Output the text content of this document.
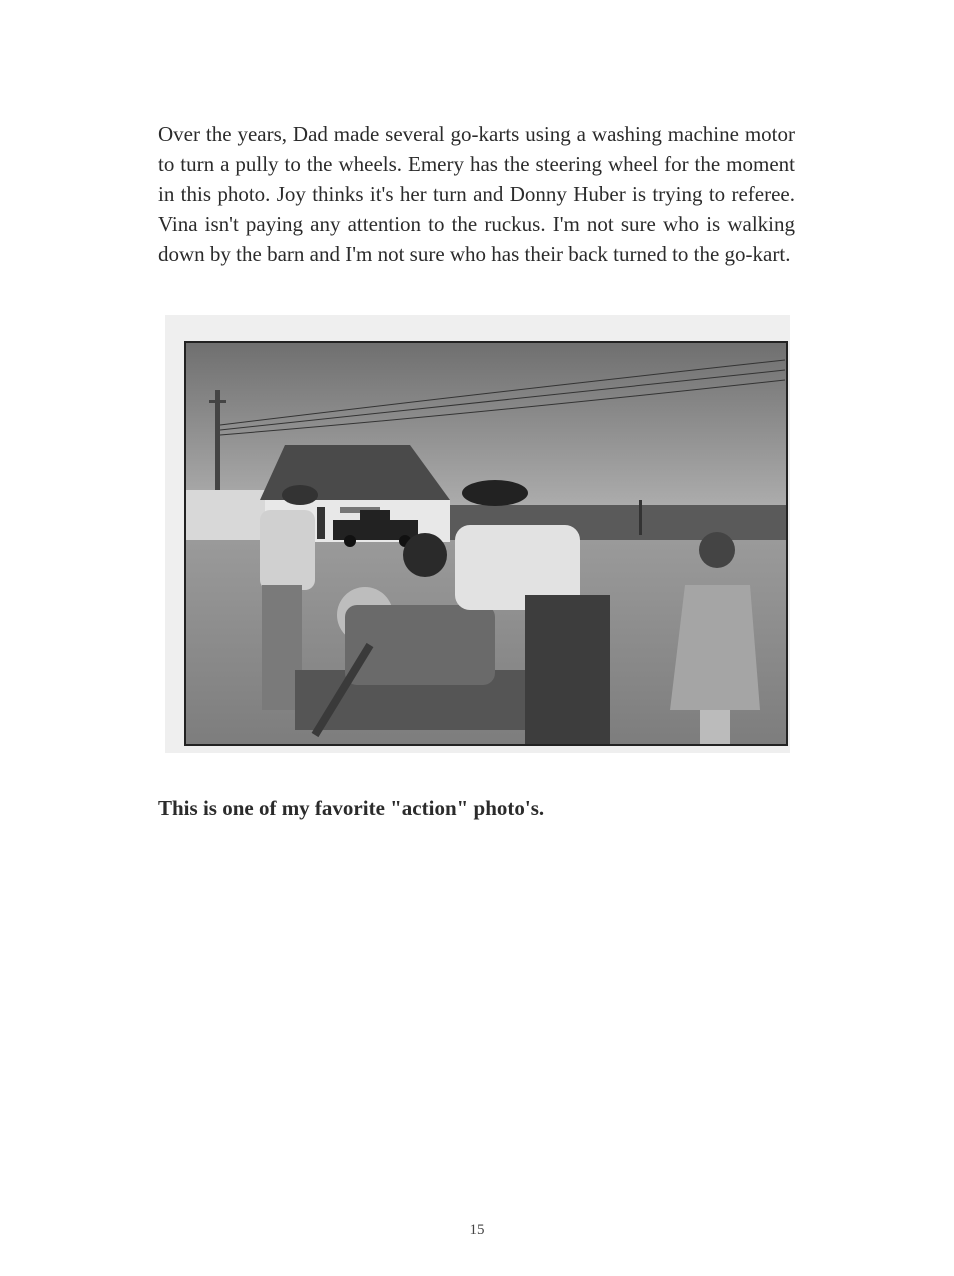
Over the years, Dad made several go-karts using a washing machine motor to turn a pully to the wheels. Emery has the steering wheel for the moment in this photo. Joy thinks it's her turn and Donny Huber is trying to referee. Vina isn't paying any attention to the ruckus. I'm not sure who is walking down by the barn and I'm not sure who has their back turned to the go-kart.

This is one of my favorite "action" photo's.

15
